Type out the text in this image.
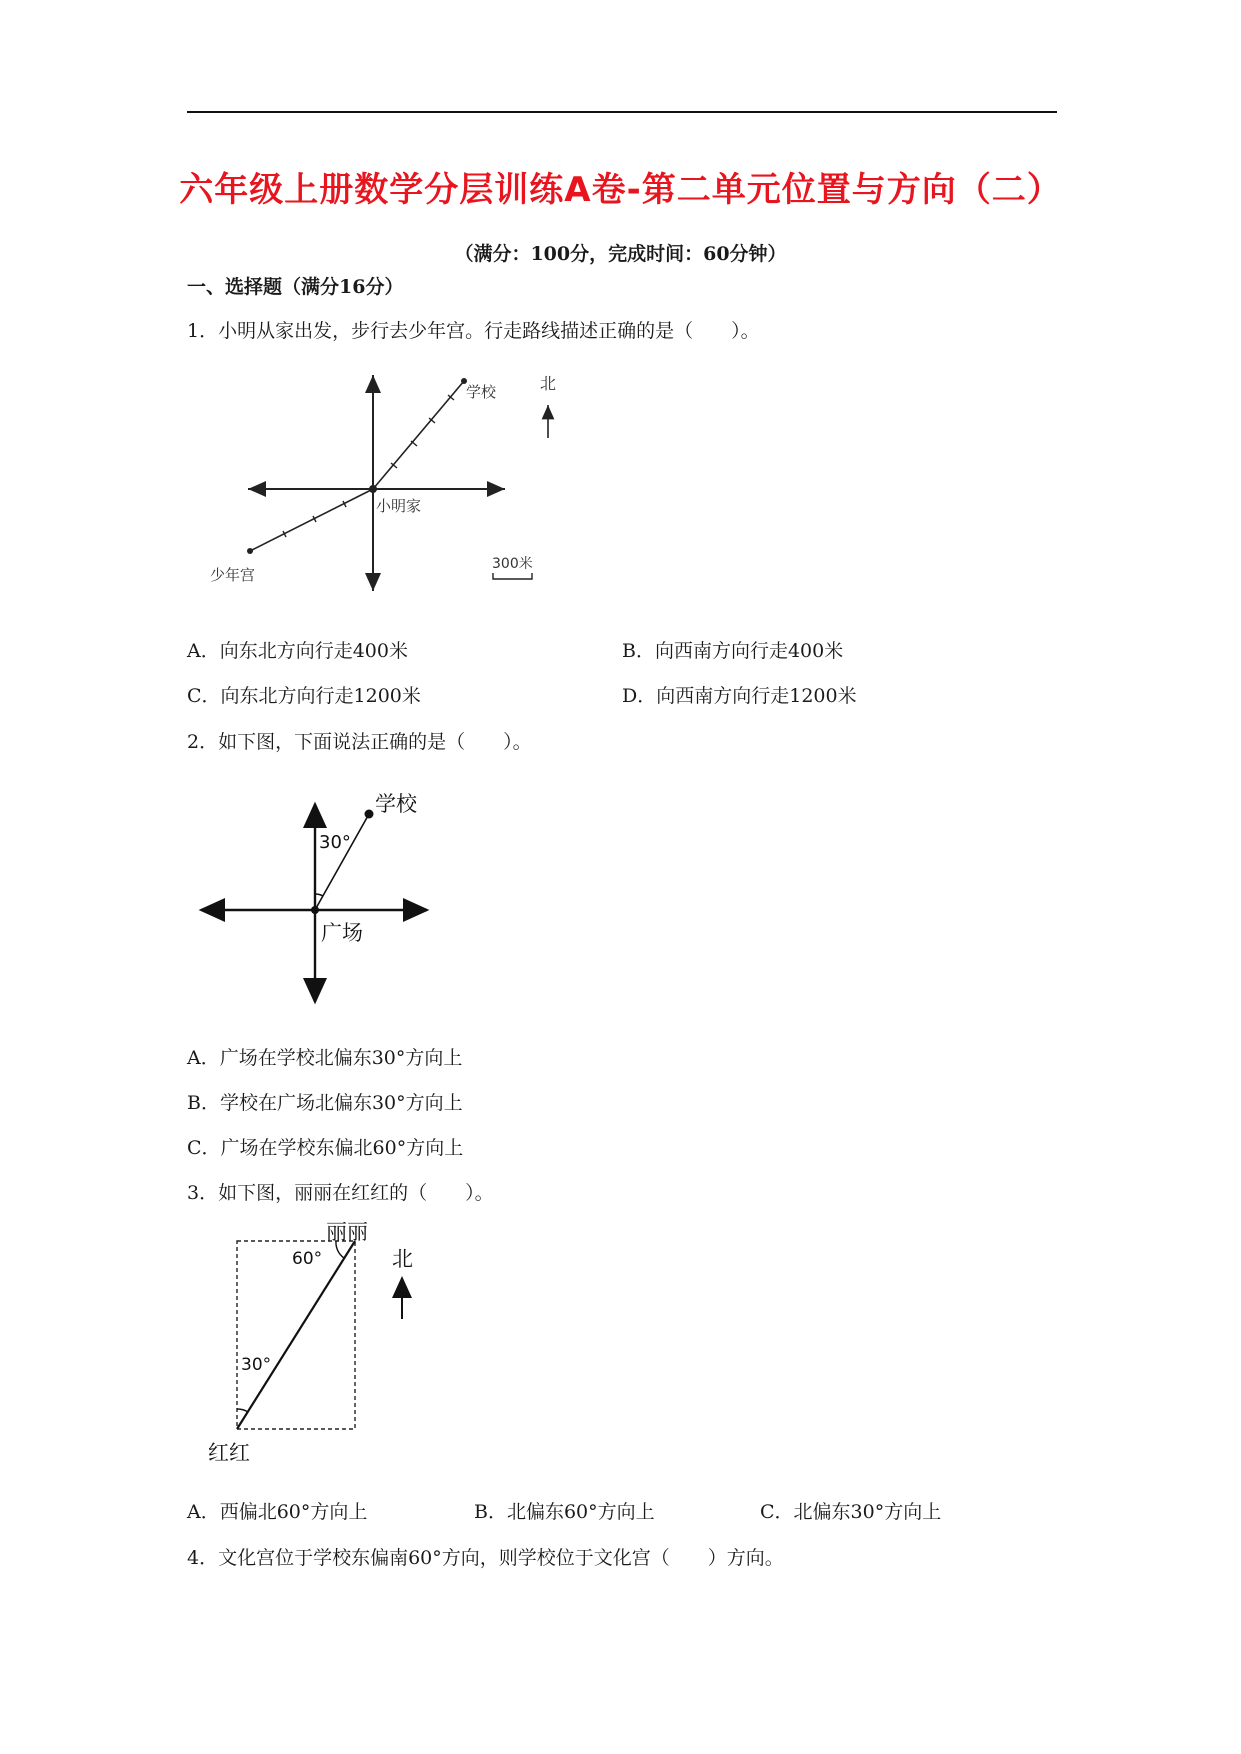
六年级上册数学分层训练A卷-第二单元位置与方向（二）
（满分：100分，完成时间：60分钟）
一、选择题（满分16分）
1．小明从家出发，步行去少年宫。行走路线描述正确的是（　　）。
学校
小明家
少年宫
北
300米
A．向东北方向行走400米	B．向西南方向行走400米
C．向东北方向行走1200米	D．向西南方向行走1200米
2．如下图，下面说法正确的是（　　）。
学校
30°
广场
A．广场在学校北偏东30°方向上
B．学校在广场北偏东30°方向上
C．广场在学校东偏北60°方向上
3．如下图，丽丽在红红的（　　）。
丽丽
60°
30°
红红
北
A．西偏北60°方向上	B．北偏东60°方向上	C．北偏东30°方向上
4．文化宫位于学校东偏南60°方向，则学校位于文化宫（　　）方向。
